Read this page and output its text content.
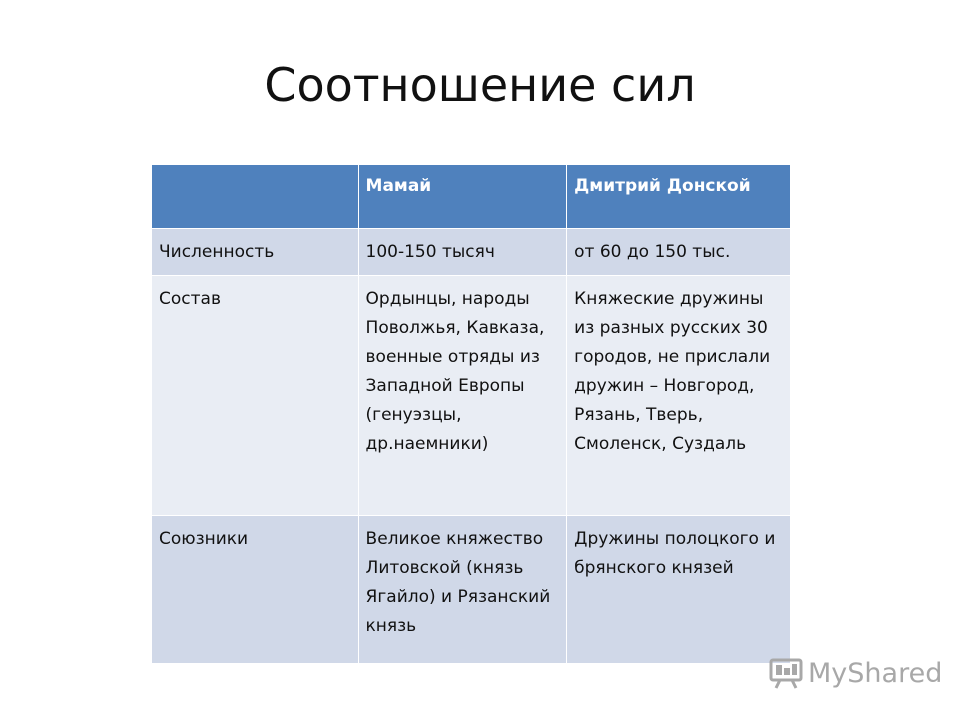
Соотношение сил
	Мамай	Дмитрий Донской
Численность	100-150 тысяч	от 60 до 150 тыс.
Состав	Ордынцы, народы Поволжья, Кавказа, военные отряды из Западной Европы (генуэзцы, др.наемники)	Княжеские дружины из разных русских 30 городов, не прислали дружин – Новгород, Рязань, Тверь, Смоленск, Суздаль
Союзники	Великое княжество Литовской (князь Ягайло) и Рязанский князь	Дружины полоцкого и брянского князей
MyShared
